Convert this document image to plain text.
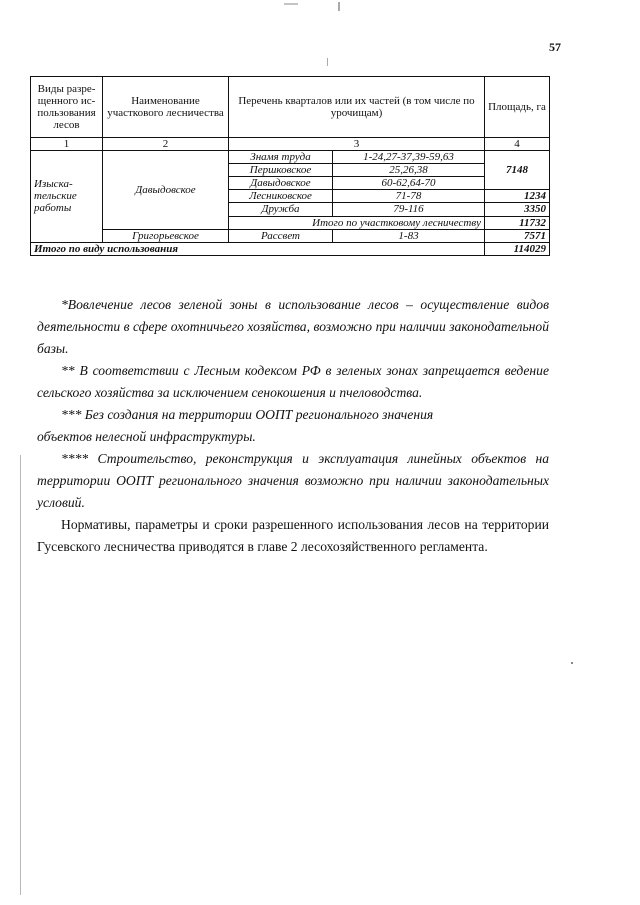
57
Виды разре-щенного ис-пользования лесов	Наименование участкового лесничества	Перечень кварталов или их частей (в том числе по урочищам)		Площадь, га
1	2	3		4
Изыска-тельские работы	Давыдовское	Знамя труда	1-24,27-37,39-59,63	7148
		Першковское	25,26,38	
		Давыдовское	60-62,64-70	
		Лесниковское	71-78	1234
		Дружба	79-116	3350
		Итого по участковому лесничеству		11732
	Григорьевское	Рассвет	1-83	7571
Итого по виду использования				114029

*Вовлечение лесов зеленой зоны в использование лесов – осуществление видов деятельности в сфере охотничьего хозяйства, возможно при наличии законодательной базы.

** В соответствии с Лесным кодексом РФ в зеленых зонах запрещается ведение сельского хозяйства за исключением сенокошения и пчеловодства.

*** Без создания на территории ООПТ регионального значения

объектов нелесной инфраструктуры.

**** Строительство, реконструкция и эксплуатация линейных объектов на территории ООПТ регионального значения возможно при наличии законодательных условий.

Нормативы, параметры и сроки разрешенного использования лесов на территории Гусевского лесничества приводятся в главе 2 лесохозяйственного регламента.
